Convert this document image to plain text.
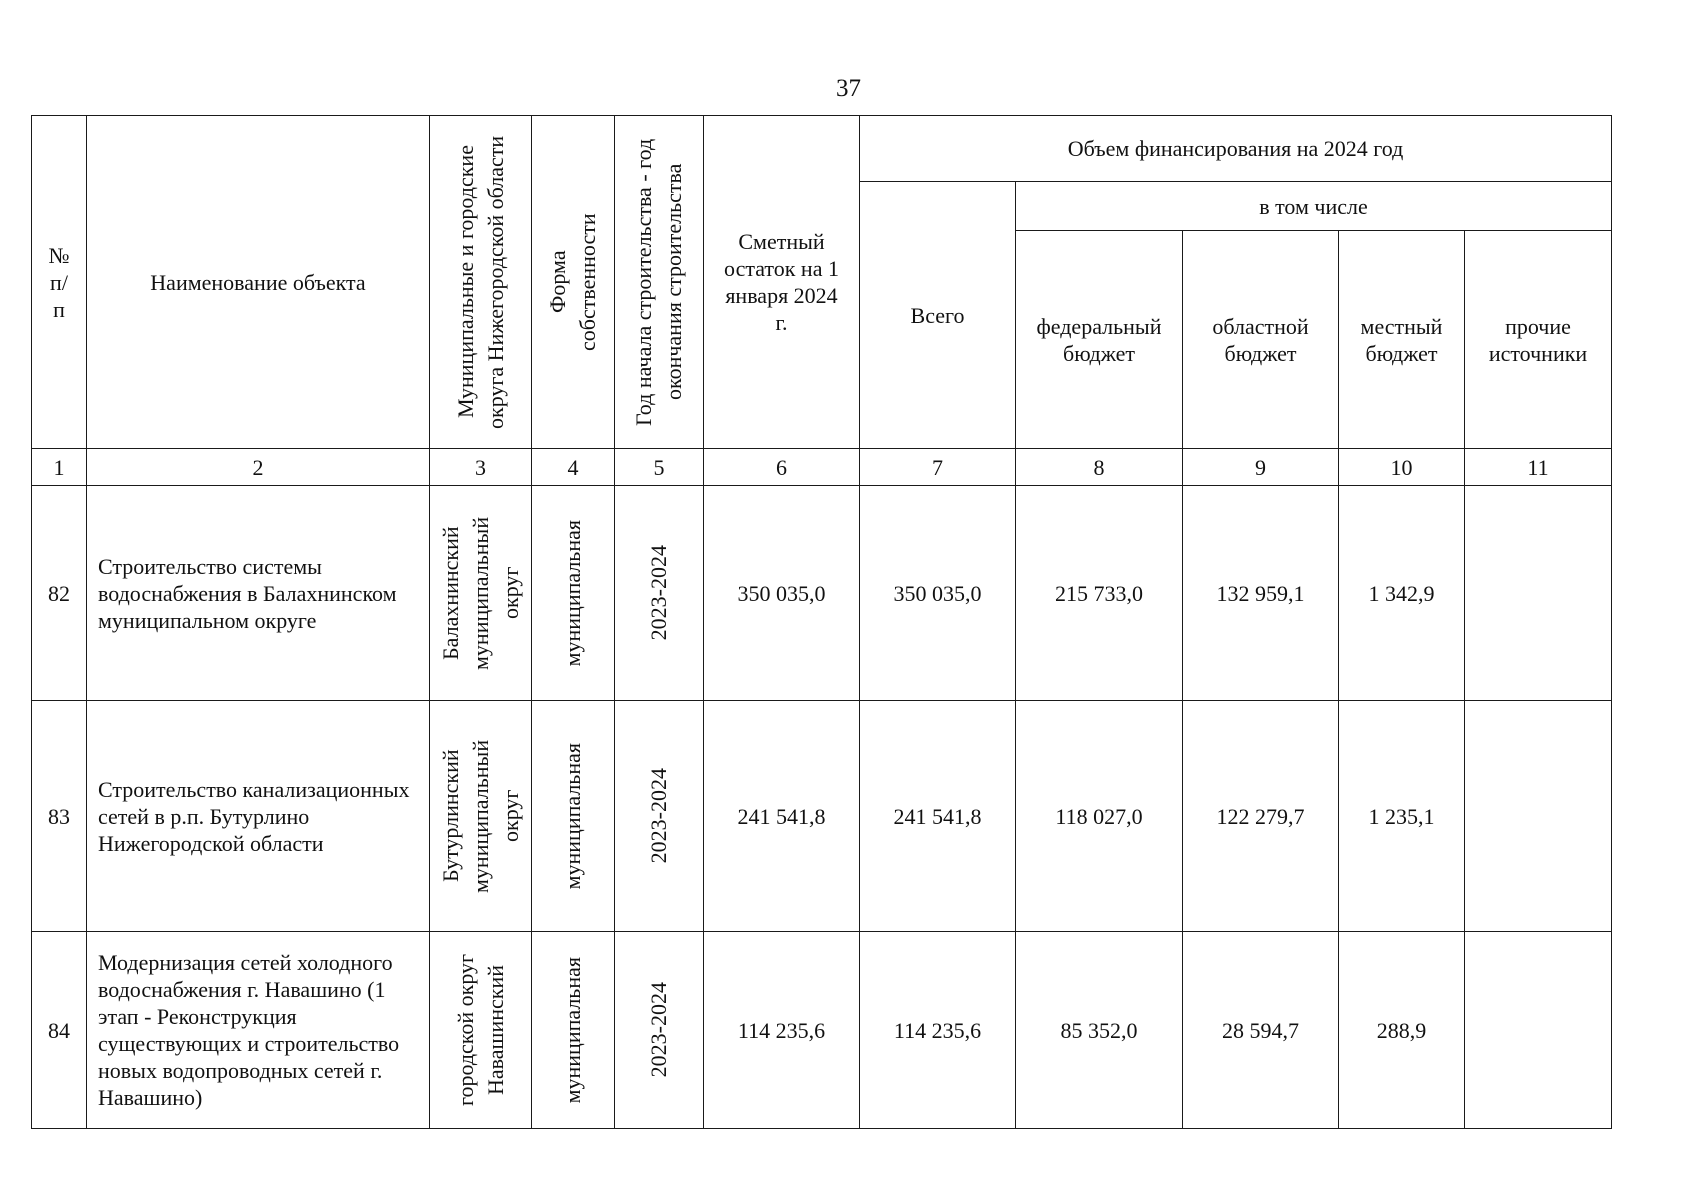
37
№ п/ п	Наименование объекта	Муниципальные и городские округа Нижегородской области	Форма собственности	Год начала строительства - год окончания строительства	Сметный остаток на 1 января 2024 г.	Объем финансирования на 2024 год				
						Всего	в том числе			
							федеральный бюджет	областной бюджет	местный бюджет	прочие источники
1	2	3	4	5	6	7	8	9	10	11
82	Строительство системы водоснабжения в Балахнинском муниципальном округе	Балахнинский муниципальный округ	муниципальная	2023-2024	350 035,0	350 035,0	215 733,0	132 959,1	1 342,9	
83	Строительство канализационных сетей в р.п. Бутурлино Нижегородской области	Бутурлинский муниципальный округ	муниципальная	2023-2024	241 541,8	241 541,8	118 027,0	122 279,7	1 235,1	
84	Модернизация сетей холодного водоснабжения г. Навашино (1 этап - Реконструкция существующих и строительство новых водопроводных сетей г. Навашино)	городской округ Навашинский	муниципальная	2023-2024	114 235,6	114 235,6	85 352,0	28 594,7	288,9	
